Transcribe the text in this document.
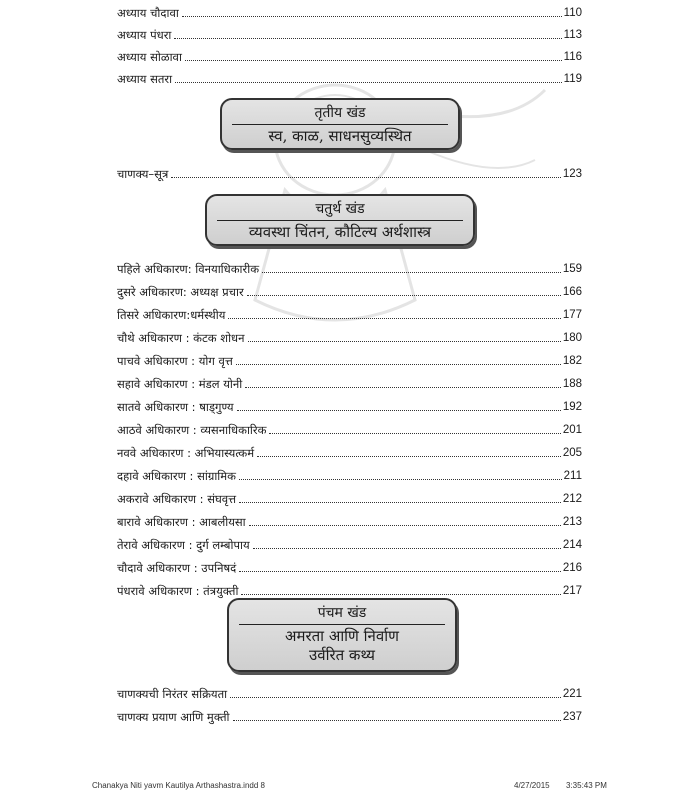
अध्याय चौदावा	110
अध्याय पंधरा	113
अध्याय सोळावा	116
अध्याय सतरा	119
तृतीय खंड
स्व, काळ, साधनसुव्यस्थित
चाणक्य–सूत्र	123
चतुर्थ खंड
व्यवस्था चिंतन, कौटिल्य अर्थशास्त्र
पहिले अधिकारण: विनयाधिकारीक	159
दुसरे अधिकारण: अध्यक्ष प्रचार	166
तिसरे अधिकारण:धर्मस्थीय	177
चौथे अधिकारण : कंटक शोधन	180
पाचवे अधिकारण : योग वृत्त	182
सहावे अधिकारण : मंडल योनी	188
सातवे अधिकारण : षाड्गुण्य	192
आठवे अधिकारण : व्यसनाधिकारिक	201
नववे अधिकारण : अभियास्यत्कर्म	205
दहावे अधिकारण : सांग्रामिक	211
अकरावे अधिकारण : संघवृत्त	212
बारावे अधिकारण : आबलीयसा	213
तेरावे अधिकारण : दुर्ग लम्बोपाय	214
चौदावे अधिकारण : उपनिषदं	216
पंधरावे अधिकारण : तंत्रयुक्ती	217
पंचम खंड
अमरता आणि निर्वाण
उर्वरित कथ्य
चाणक्यची निरंतर सक्रियता	221
चाणक्य प्रयाण आणि मुक्ती	237
Chanakya Niti yavm Kautilya Arthashastra.indd 8	4/27/2015 3:35:43 PM
